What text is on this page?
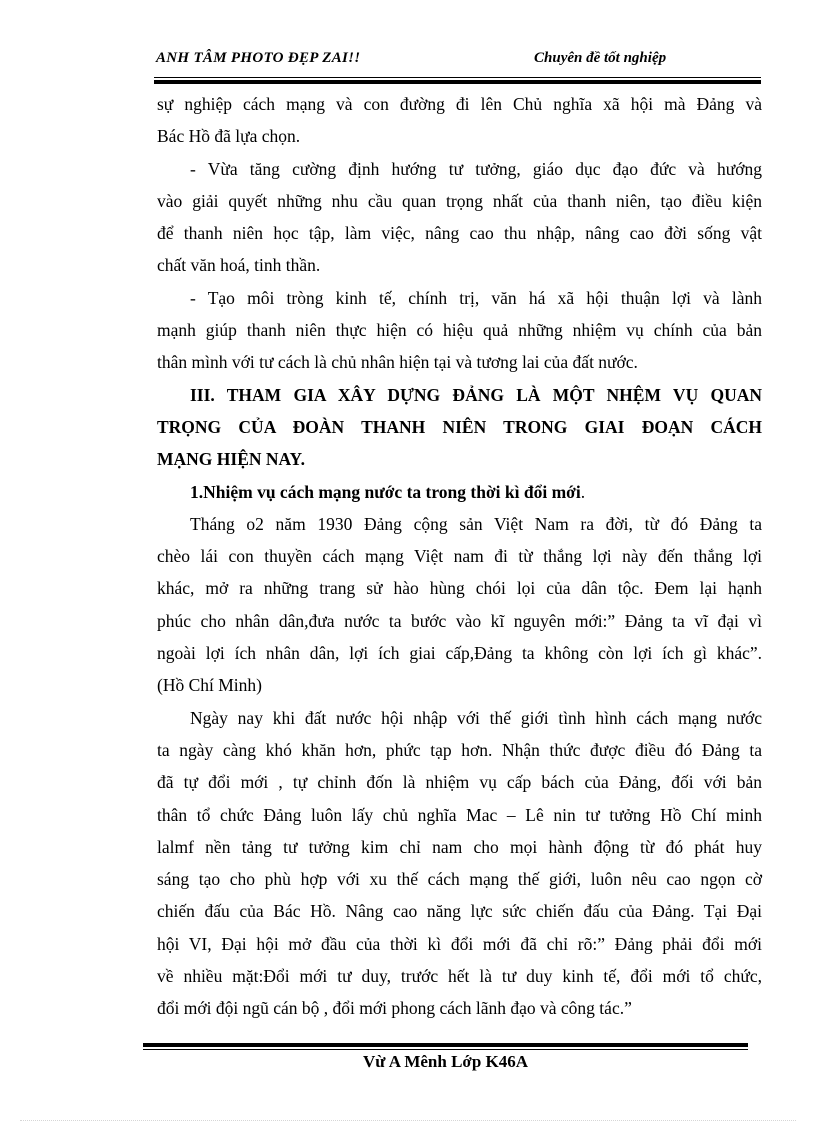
ANH TÂM PHOTO ĐẸP ZAI!!	Chuyên đề tốt nghiệp
sự nghiệp cách mạng và con đường đi lên Chủ nghĩa xã hội mà Đảng và
Bác Hồ đã lựa chọn.
- Vừa tăng cường định hướng tư tưởng, giáo dục đạo đức và hướng
vào giải quyết những nhu cầu quan trọng nhất của thanh niên, tạo điều kiện
để thanh niên học tập, làm việc, nâng cao thu nhập, nâng cao đời sống vật
chất văn hoá, tinh thần.
- Tạo môi tròng kinh tế, chính trị, văn há xã hội thuận lợi và lành
mạnh giúp thanh niên thực hiện có hiệu quả những nhiệm vụ chính của bản
thân mình với tư cách là chủ nhân hiện tại và tương lai của đất nước.
III. THAM GIA XÂY DỰNG ĐẢNG LÀ MỘT NHỆM VỤ QUAN
TRỌNG CỦA ĐOÀN THANH NIÊN TRONG GIAI ĐOẠN CÁCH
MẠNG HIỆN NAY.
1.Nhiệm vụ cách mạng nước ta trong thời kì đổi mới.
Tháng o2 năm 1930 Đảng cộng sản Việt Nam ra đời, từ đó Đảng ta
chèo lái con thuyền cách mạng Việt nam đi từ thắng lợi này đến thắng lợi
khác, mở ra những trang sử hào hùng chói lọi của dân tộc. Đem lại hạnh
phúc cho nhân dân,đưa nước ta bước vào kĩ nguyên mới:” Đảng ta vĩ đại vì
ngoài lợi ích nhân dân, lợi ích giai cấp,Đảng ta không còn lợi ích gì khác”.
(Hồ Chí Minh)
Ngày nay khi đất nước hội nhập với thế giới tình hình cách mạng nước
ta ngày càng khó khăn hơn, phức tạp hơn. Nhận thức được điều đó Đảng ta
đã tự đổi mới , tự chỉnh đốn là nhiệm vụ cấp bách của Đảng, đối với bản
thân tổ chức Đảng luôn lấy chủ nghĩa Mac – Lê nin tư tưởng Hồ Chí minh
lalmf nền tảng tư tưởng kim chỉ nam cho mọi hành động từ đó phát huy
sáng tạo cho phù hợp với xu thế cách mạng thế giới, luôn nêu cao ngọn cờ
chiến đấu của Bác Hồ. Nâng cao năng lực sức chiến đấu của Đảng. Tại Đại
hội VI, Đại hội mở đầu của thời kì đổi mới đã chỉ rõ:” Đảng phải đổi mới
về nhiều mặt:Đổi mới tư duy, trước hết là tư duy kinh tế, đổi mới tổ chức,
đổi mới đội ngũ cán bộ , đổi mới phong cách lãnh đạo và công tác.”
Vừ A Mênh Lớp K46A
